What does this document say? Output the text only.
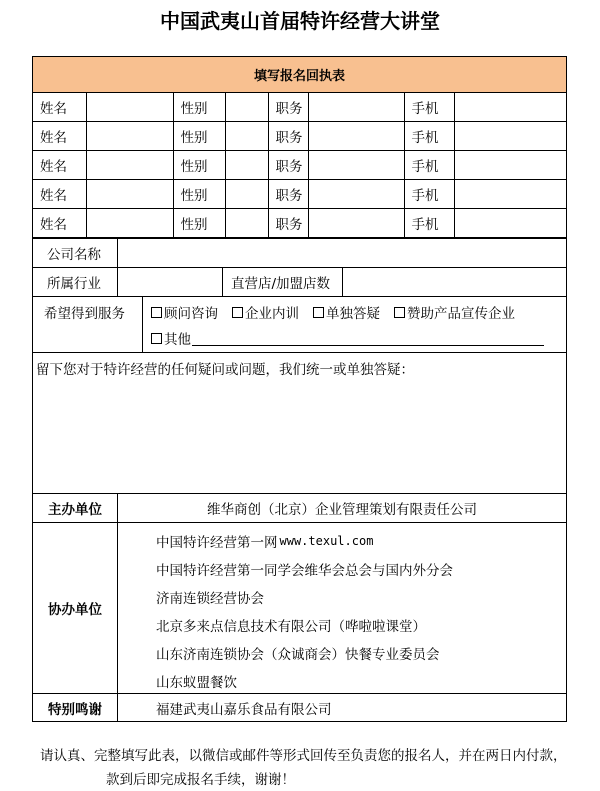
中国武夷山首届特许经营大讲堂
填写报名回执表
姓名		性别		职务		手机	
姓名		性别		职务		手机	
姓名		性别		职务		手机	
姓名		性别		职务		手机	
姓名		性别		职务		手机	
公司名称
所属行业	直营店/加盟店数
希望得到服务	顾问咨询 企业内训 单独答疑 赞助产品宣传企业
其他
留下您对于特许经营的任何疑问或问题，我们统一或单独答疑：
主办单位	维华商创（北京）企业管理策划有限责任公司
协办单位
中国特许经营第一网 www.texul.com
中国特许经营第一同学会维华会总会与国内外分会
济南连锁经营协会
北京多来点信息技术有限公司（哗啦啦课堂）
山东济南连锁协会（众诚商会）快餐专业委员会
山东蚁盟餐饮
特别鸣谢	福建武夷山嘉乐食品有限公司
请认真、完整填写此表，以微信或邮件等形式回传至负责您的报名人，并在两日内付款，
款到后即完成报名手续，谢谢！
